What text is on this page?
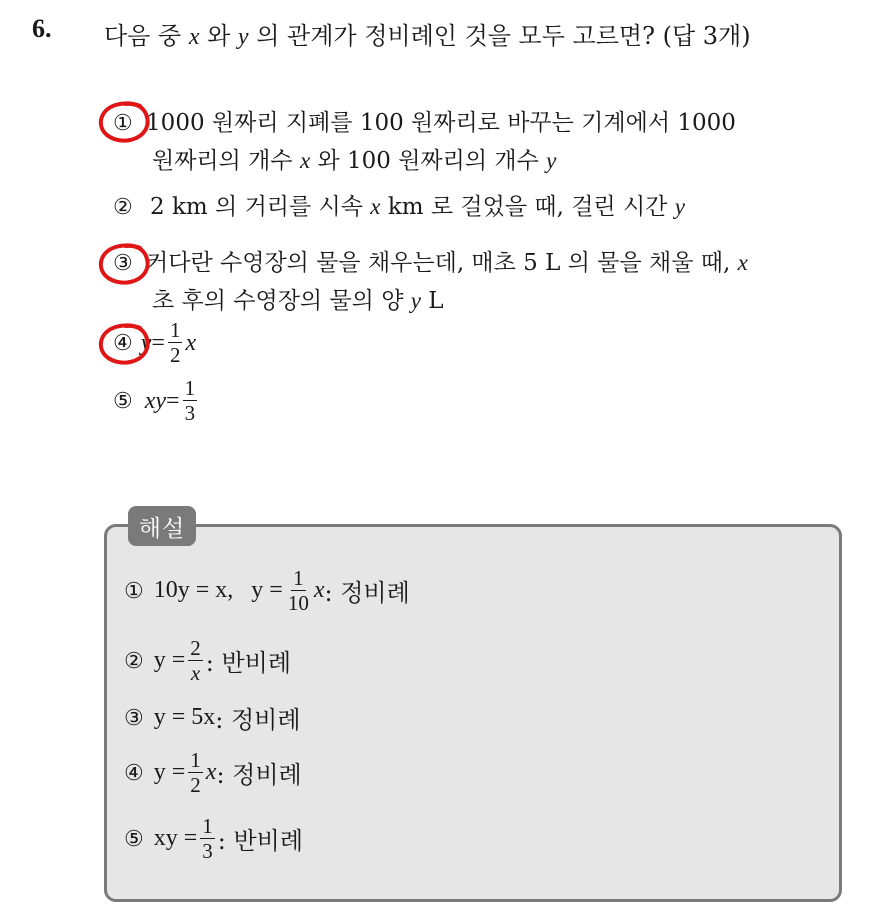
6. 다음 중 x 와 y 의 관계가 정비례인 것을 모두 고르면? (답 3개)
① 1000 원짜리 지폐를 100 원짜리로 바꾸는 기계에서 1000
원짜리의 개수 x 와 100 원짜리의 개수 y
② 2 km 의 거리를 시속 x km 로 걸었을 때, 걸린 시간 y
③ 커다란 수영장의 물을 채우는데, 매초 5 L 의 물을 채울 때, x
초 후의 수영장의 물의 양 y L
④ $y = \frac{1}{2}$ x
⑤ xy = $\frac{1}{3}$
해설
① 10y = x, $y = \frac{1}{10}$ x : 정비례
② $y = \frac{2}{x}$ : 반비례
③ y = 5x : 정비례
④ $y = \frac{1}{2}$ x : 정비례
⑤ xy = $\frac{1}{3}$ : 반비례
